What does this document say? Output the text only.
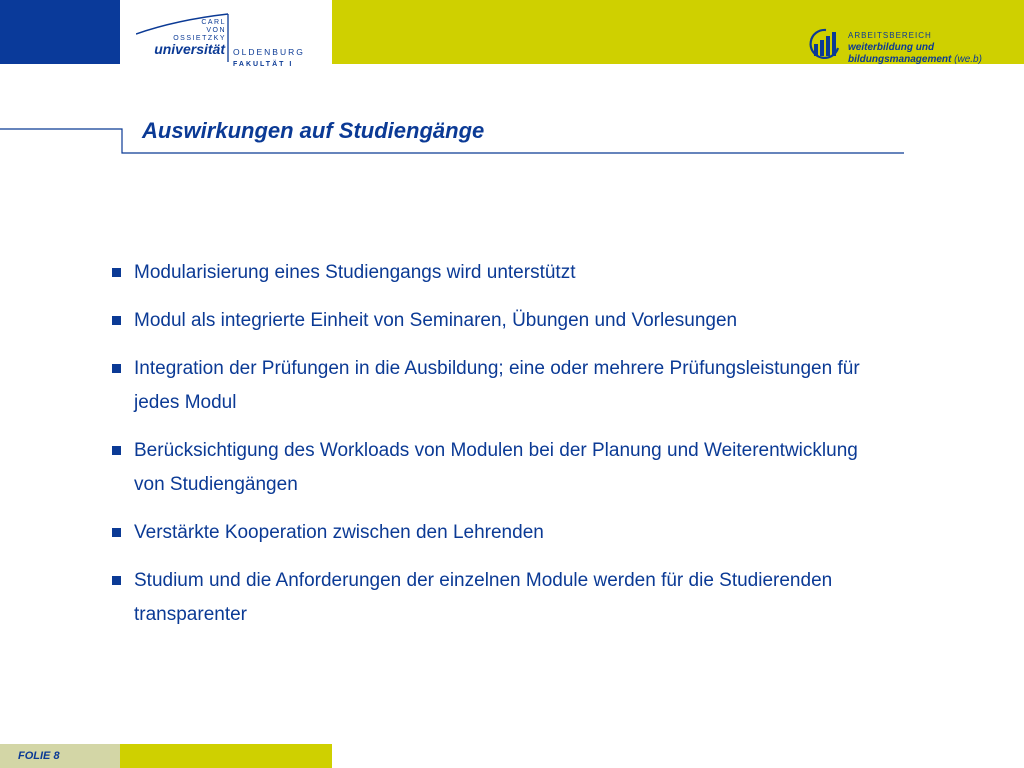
CARL
VON
OSSIETZKY
universität OLDENBURG
FAKULTÄT I
ARBEITSBEREICH
weiterbildung und
bildungsmanagement (we.b)
Auswirkungen auf Studiengänge
Modularisierung eines Studiengangs wird unterstützt
Modul als integrierte Einheit von Seminaren, Übungen und Vorlesungen
Integration der Prüfungen in die Ausbildung; eine oder mehrere Prüfungsleistungen für jedes Modul
Berücksichtigung des Workloads von Modulen bei der Planung und Weiterentwicklung von Studiengängen
Verstärkte Kooperation zwischen den Lehrenden
Studium und die Anforderungen der einzelnen Module werden für die Studierenden transparenter
FOLIE 8
